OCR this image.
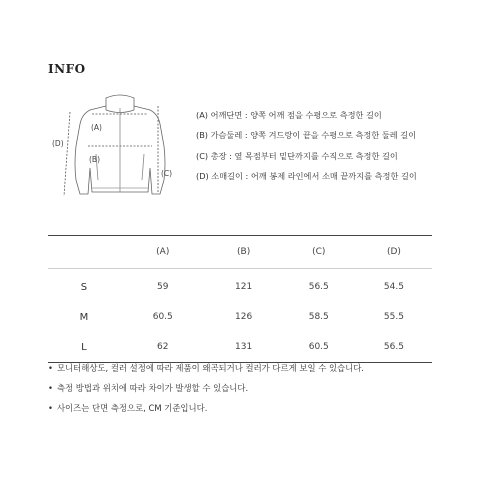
INFO
(A)
(B)
(C)
(D)
(A) 어깨단면 : 양쪽 어깨 점을 수평으로 측정한 길이
(B) 가슴둘레 : 양쪽 겨드랑이 끝을 수평으로 측정한 둘레 길이
(C) 총장 : 옆 목점부터 밑단까지를 수직으로 측정한 길이
(D) 소매길이 : 어깨 봉제 라인에서 소매 끝까지를 측정한 길이
	(A)	(B)	(C)	(D)
S	59	121	56.5	54.5
M	60.5	126	58.5	55.5
L	62	131	60.5	56.5
• 모니터해상도, 컬러 설정에 따라 제품이 왜곡되거나 컬러가 다르게 보일 수 있습니다.
• 측정 방법과 위치에 따라 차이가 발생할 수 있습니다.
• 사이즈는 단면 측정으로, CM 기준입니다.
